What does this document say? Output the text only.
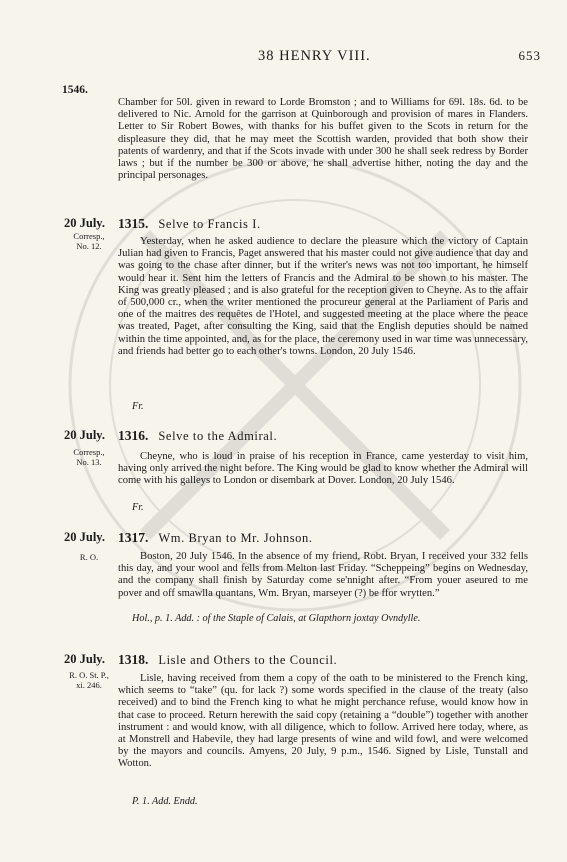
38 HENRY VIII.	653
1546.

Chamber for 50l. given in reward to Lorde Bromston ; and to Williams for 69l. 18s. 6d. to be delivered to Nic. Arnold for the garrison at Quinborough and provision of mares in Flanders. Letter to Sir Robert Bowes, with thanks for his buffet given to the Scots in return for the displeasure they did, that he may meet the Scottish warden, provided that both show their patents of wardenry, and that if the Scots invade with under 300 he shall seek redress by Border laws ; but if the number be 300 or above, he shall advertise hither, noting the day and the principal personages.

20 July.
Corresp., No. 12.
1315. Selve to Francis I.

Yesterday, when he asked audience to declare the pleasure which the victory of Captain Julian had given to Francis, Paget answered that his master could not give audience that day and was going to the chase after dinner, but if the writer's news was not too important, he himself would hear it. Sent him the letters of Francis and the Admiral to be shown to his master. The King was greatly pleased ; and is also grateful for the reception given to Cheyne. As to the affair of 500,000 cr., when the writer mentioned the procureur general at the Parliament of Paris and one of the maitres des requêtes de l'Hotel, and suggested meeting at the place where the peace was treated, Paget, after consulting the King, said that the English deputies should be named within the time appointed, and, as for the place, the ceremony used in war time was unnecessary, and friends had better go to each other's towns. London, 20 July 1546.

Fr.
20 July.
Corresp., No. 13.
1316. Selve to the Admiral.

Cheyne, who is loud in praise of his reception in France, came yesterday to visit him, having only arrived the night before. The King would be glad to know whether the Admiral will come with his galleys to London or disembark at Dover. London, 20 July 1546.

Fr.
20 July.
R. O.
1317. Wm. Bryan to Mr. Johnson.

Boston, 20 July 1546. In the absence of my friend, Robt. Bryan, I received your 332 fells this day, and your wool and fells from Melton last Friday. “Scheppeing” begins on Wednesday, and the company shall finish by Saturday come se'nnight after. “From youer aseured to me pover and off smawlla quantans, Wm. Bryan, marseyer (?) be ffor wrytten.”

Hol., p. 1. Add. : of the Staple of Calais, at Glapthorn joxtay Ovndylle.
20 July.
R. O. St. P., xi. 246.
1318. Lisle and Others to the Council.

Lisle, having received from them a copy of the oath to be ministered to the French king, which seems to “take” (qu. for lack ?) some words specified in the clause of the treaty (also received) and to bind the French king to what he might perchance refuse, would know how in that case to proceed. Return herewith the said copy (retaining a “double”) together with another instrument : and would know, with all diligence, which to follow. Arrived here today, where, as at Monstrell and Habevile, they had large presents of wine and wild fowl, and were welcomed by the mayors and councils. Amyens, 20 July, 9 p.m., 1546. Signed by Lisle, Tunstall and Wotton.

P. 1. Add. Endd.
